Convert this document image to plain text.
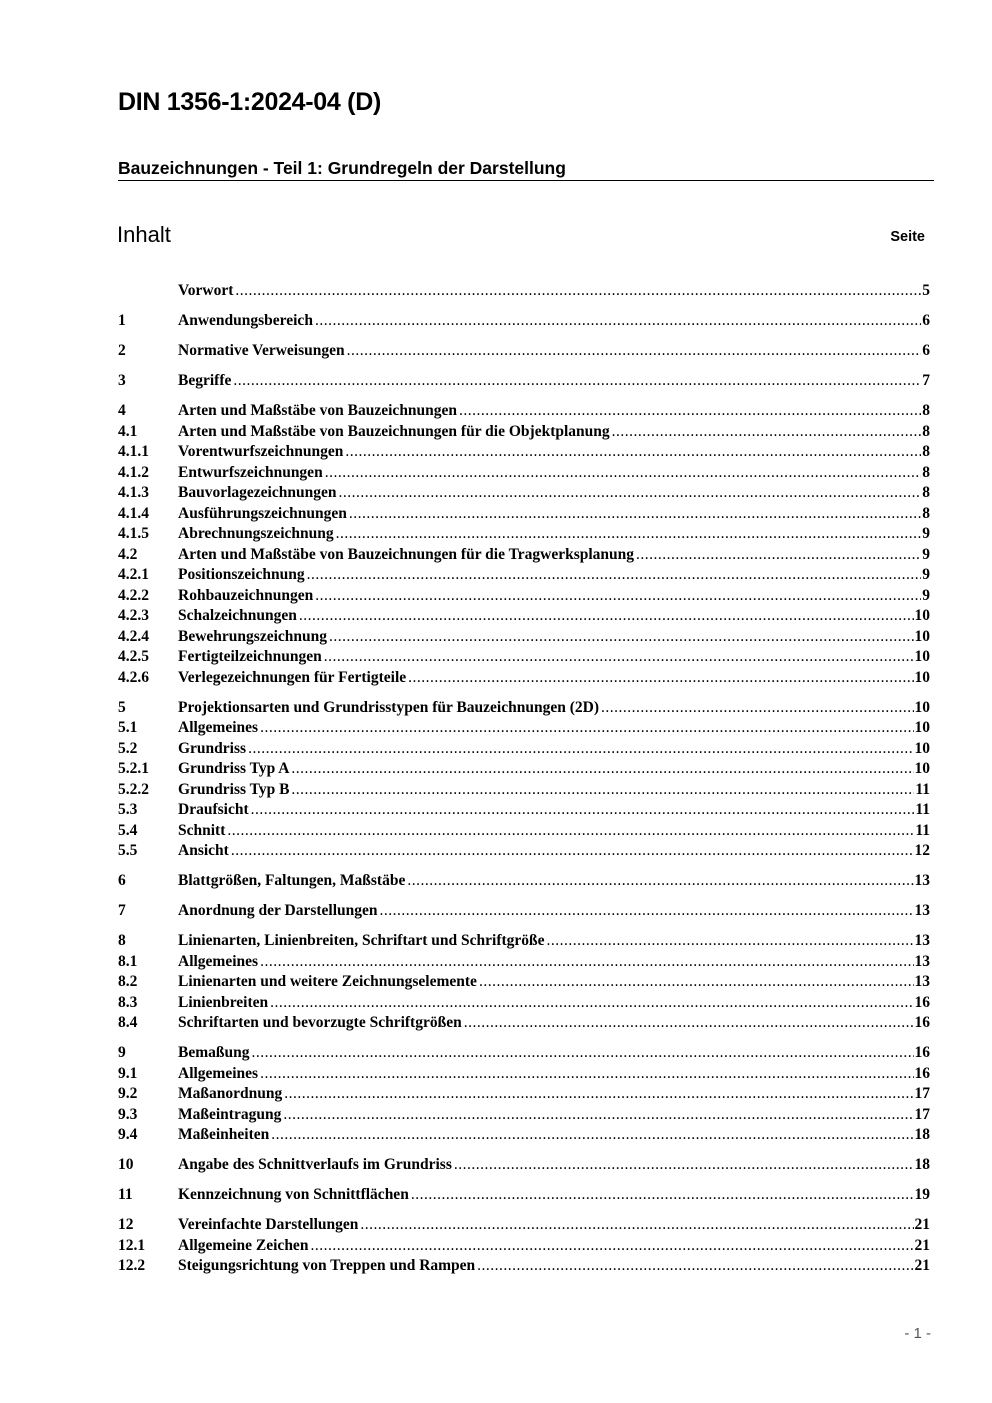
DIN 1356-1:2024-04 (D)
Bauzeichnungen - Teil 1: Grundregeln der Darstellung
Inhalt	Seite
Vorwort .....	5
1	Anwendungsbereich .....	6
2	Normative Verweisungen .....	6
3	Begriffe .....	7
4	Arten und Maßstäbe von Bauzeichnungen .....	8
4.1	Arten und Maßstäbe von Bauzeichnungen für die Objektplanung .....	8
4.1.1	Vorentwurfszeichnungen .....	8
4.1.2	Entwurfszeichnungen .....	8
4.1.3	Bauvorlagezeichnungen .....	8
4.1.4	Ausführungszeichnungen .....	8
4.1.5	Abrechnungszeichnung .....	9
4.2	Arten und Maßstäbe von Bauzeichnungen für die Tragwerksplanung .....	9
4.2.1	Positionszeichnung .....	9
4.2.2	Rohbauzeichnungen .....	9
4.2.3	Schalzeichnungen .....	10
4.2.4	Bewehrungszeichnung .....	10
4.2.5	Fertigteilzeichnungen .....	10
4.2.6	Verlegezeichnungen für Fertigteile .....	10
5	Projektionsarten und Grundrisstypen für Bauzeichnungen (2D) .....	10
5.1	Allgemeines .....	10
5.2	Grundriss .....	10
5.2.1	Grundriss Typ A .....	10
5.2.2	Grundriss Typ B .....	11
5.3	Draufsicht .....	11
5.4	Schnitt .....	11
5.5	Ansicht .....	12
6	Blattgrößen, Faltungen, Maßstäbe .....	13
7	Anordnung der Darstellungen .....	13
8	Linienarten, Linienbreiten, Schriftart und Schriftgröße .....	13
8.1	Allgemeines .....	13
8.2	Linienarten und weitere Zeichnungselemente .....	13
8.3	Linienbreiten .....	16
8.4	Schriftarten und bevorzugte Schriftgrößen .....	16
9	Bemaßung .....	16
9.1	Allgemeines .....	16
9.2	Maßanordnung .....	17
9.3	Maßeintragung .....	17
9.4	Maßeinheiten .....	18
10	Angabe des Schnittverlaufs im Grundriss .....	18
11	Kennzeichnung von Schnittflächen .....	19
12	Vereinfachte Darstellungen .....	21
12.1	Allgemeine Zeichen .....	21
12.2	Steigungsrichtung von Treppen und Rampen .....	21
- 1 -
